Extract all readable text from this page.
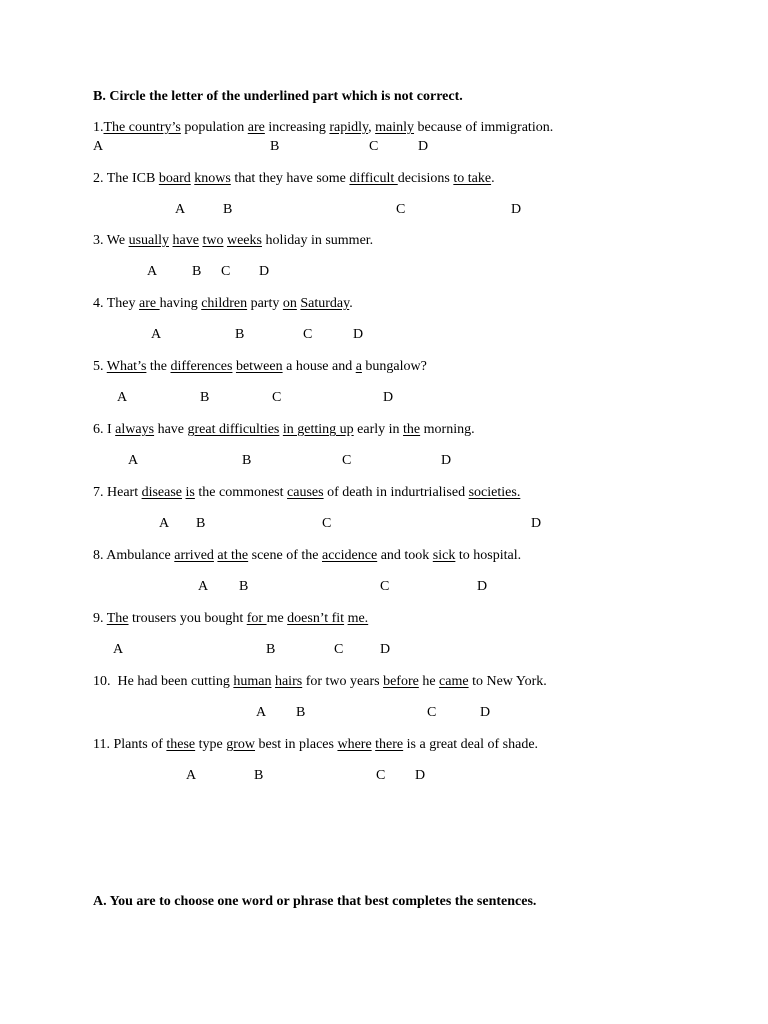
B. Circle the letter of the underlined part which is not correct.
1.The country’s population are increasing rapidly, mainly because of immigration.
A	B	C	D
2. The ICB board knows that they have some difficult decisions to take.
A	B	C	D
3. We usually have two weeks holiday in summer.
A B C D
4. They are having children party on Saturday.
A	B	C	D
5. What’s the differences between a house and a bungalow?
A	B	C	D
6. I always have great difficulties in getting up early in the morning.
A	B	C	D
7. Heart disease is the commonest causes of death in indurtrialised societies.
A B	C	D
8. Ambulance arrived at the scene of the accidence and took sick to hospital.
A B	C	D
9. The trousers you bought for me doesn’t fit me.
A	B	C	D
10.  He had been cutting human hairs for two years before he came to New York.
A B	C	D
11. Plants of these type grow best in places where there is a great deal of shade.
A	B	C D
A. You are to choose one word or phrase that best completes the sentences.
